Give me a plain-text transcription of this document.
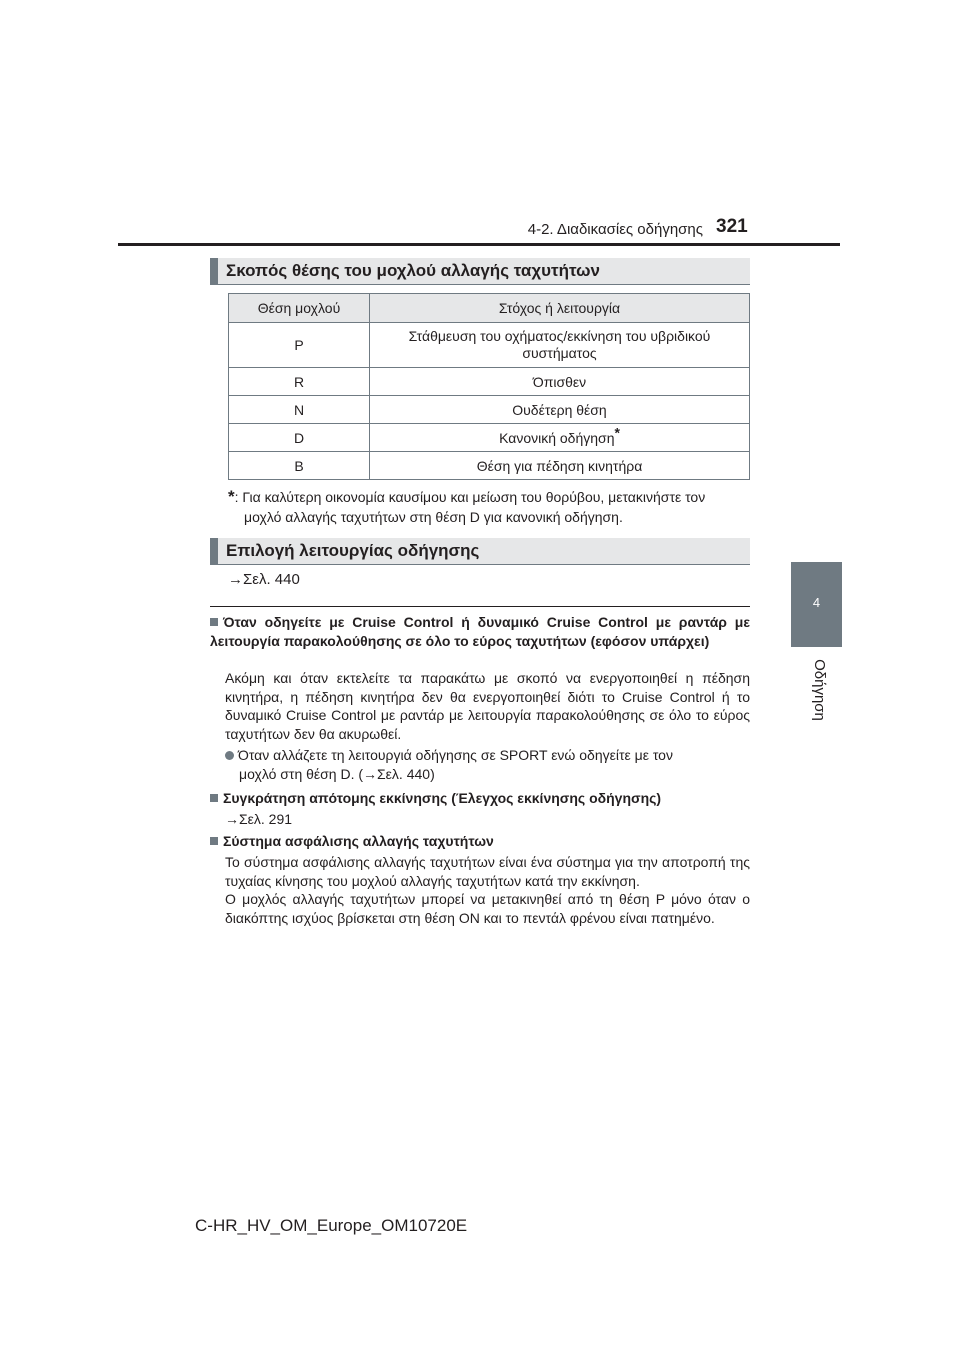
4-2. Διαδικασίες οδήγησης 321
4
Οδήγηση
Σκοπός θέσης του μοχλού αλλαγής ταχυτήτων
Θέση μοχλού	Στόχος ή λειτουργία
P	Στάθμευση του οχήματος/εκκίνηση του υβριδικού συστήματος
R	Όπισθεν
N	Ουδέτερη θέση
D	Κανονική οδήγηση*
B	Θέση για πέδηση κινητήρα
*: Για καλύτερη οικονομία καυσίμου και μείωση του θορύβου, μετακινήστε τον
μοχλό αλλαγής ταχυτήτων στη θέση D για κανονική οδήγηση.
Επιλογή λειτουργίας οδήγησης
→Σελ. 440
Όταν οδηγείτε με Cruise Control ή δυναμικό Cruise Control με ραντάρ με λειτουργία παρακολούθησης σε όλο το εύρος ταχυτήτων (εφόσον υπάρχει)
Ακόμη και όταν εκτελείτε τα παρακάτω με σκοπό να ενεργοποιηθεί η πέδηση κινητήρα, η πέδηση κινητήρα δεν θα ενεργοποιηθεί διότι το Cruise Control ή το δυναμικό Cruise Control με ραντάρ με λειτουργία παρακολούθησης σε όλο το εύρος ταχυτήτων δεν θα ακυρωθεί.
Όταν αλλάζετε τη λειτουργιά οδήγησης σε SPORT ενώ οδηγείτε με τον
μοχλό στη θέση D. (→Σελ. 440)
Συγκράτηση απότομης εκκίνησης (Έλεγχος εκκίνησης οδήγησης)
→Σελ. 291
Σύστημα ασφάλισης αλλαγής ταχυτήτων
Το σύστημα ασφάλισης αλλαγής ταχυτήτων είναι ένα σύστημα για την αποτροπή της τυχαίας κίνησης του μοχλού αλλαγής ταχυτήτων κατά την εκκίνηση.
Ο μοχλός αλλαγής ταχυτήτων μπορεί να μετακινηθεί από τη θέση P μόνο όταν ο διακόπτης ισχύος βρίσκεται στη θέση ON και το πεντάλ φρένου είναι πατημένο.
C-HR_HV_OM_Europe_OM10720E
